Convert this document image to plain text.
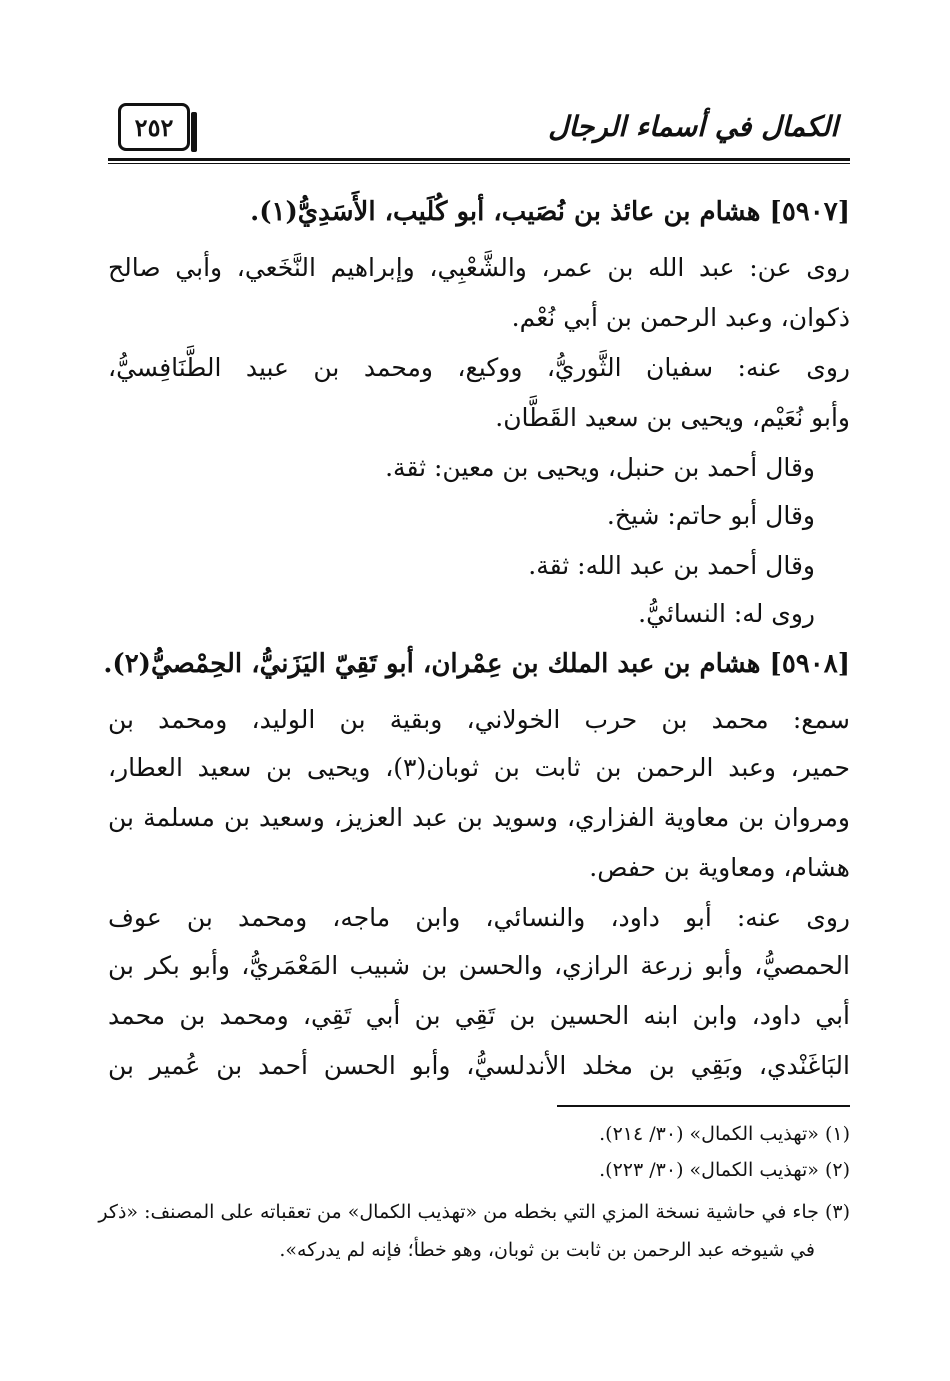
٢٥٢	الكمال في أسماء الرجال
[٥٩٠٧] هشام بن عائذ بن نُصَيب، أبو كُلَيب، الأَسَدِيُّ(١).
روى عن: عبد الله بن عمر، والشَّعْبِي، وإبراهيم النَّخَعي، وأبي صالح
ذكوان، وعبد الرحمن بن أبي نُعْم.
روى عنه: سفيان الثَّوريُّ، ووكيع، ومحمد بن عبيد الطَّنَافِسيُّ،
وأبو نُعَيْم، ويحيى بن سعيد القَطَّان.
وقال أحمد بن حنبل، ويحيى بن معين: ثقة.
وقال أبو حاتم: شيخ.
وقال أحمد بن عبد الله: ثقة.
روى له: النسائيُّ.
[٥٩٠٨] هشام بن عبد الملك بن عِمْران، أبو تَقِيّ اليَزَنيُّ، الحِمْصيُّ(٢).
سمع: محمد بن حرب الخولاني، وبقية بن الوليد، ومحمد بن
حمير، وعبد الرحمن بن ثابت بن ثوبان(٣)، ويحيى بن سعيد العطار،
ومروان بن معاوية الفزاري، وسويد بن عبد العزيز، وسعيد بن مسلمة بن
هشام، ومعاوية بن حفص.
روى عنه: أبو داود، والنسائي، وابن ماجه، ومحمد بن عوف
الحمصيُّ، وأبو زرعة الرازي، والحسن بن شبيب المَعْمَريُّ، وأبو بكر بن
أبي داود، وابن ابنه الحسين بن تَقِي بن أبي تَقِي، ومحمد بن محمد
البَاغَنْدي، وبَقِي بن مخلد الأندلسيُّ، وأبو الحسن أحمد بن عُمير بن
(١) «تهذيب الكمال» (٣٠/ ٢١٤).
(٢) «تهذيب الكمال» (٣٠/ ٢٢٣).
(٣) جاء في حاشية نسخة المزي التي بخطه من «تهذيب الكمال» من تعقباته على المصنف: «ذكر
في شيوخه عبد الرحمن بن ثابت بن ثوبان، وهو خطأ؛ فإنه لم يدركه».
